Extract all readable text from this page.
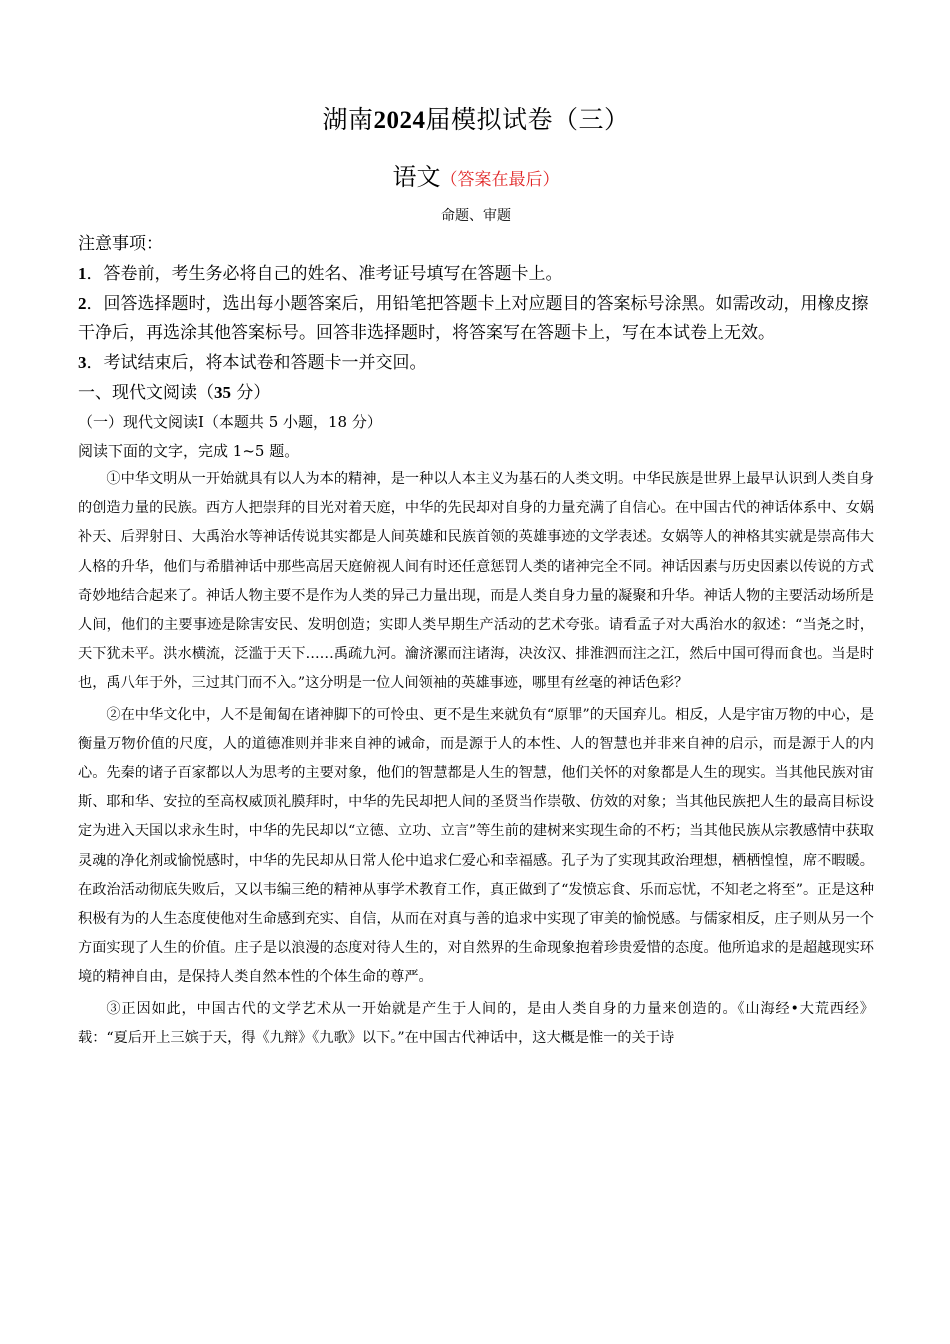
湖南2024届模拟试卷（三）
语文（答案在最后）
命题、审题

注意事项：

1．答卷前，考生务必将自己的姓名、准考证号填写在答题卡上。

2．回答选择题时，选出每小题答案后，用铅笔把答题卡上对应题目的答案标号涂黑。如需改动，用橡皮擦干净后，再选涂其他答案标号。回答非选择题时，将答案写在答题卡上，写在本试卷上无效。

3．考试结束后，将本试卷和答题卡一并交回。

一、现代文阅读（35 分）

（一）现代文阅读Ⅰ（本题共 5 小题，18 分）

阅读下面的文字，完成 1~5 题。

①中华文明从一开始就具有以人为本的精神，是一种以人本主义为基石的人类文明。中华民族是世界上最早认识到人类自身的创造力量的民族。西方人把崇拜的目光对着天庭，中华的先民却对自身的力量充满了自信心。在中国古代的神话体系中、女娲补天、后羿射日、大禹治水等神话传说其实都是人间英雄和民族首领的英雄事迹的文学表述。女娲等人的神格其实就是崇高伟大人格的升华，他们与希腊神话中那些高居天庭俯视人间有时还任意惩罚人类的诸神完全不同。神话因素与历史因素以传说的方式奇妙地结合起来了。神话人物主要不是作为人类的异己力量出现，而是人类自身力量的凝聚和升华。神话人物的主要活动场所是人间，他们的主要事迹是除害安民、发明创造；实即人类早期生产活动的艺术夸张。请看孟子对大禹治水的叙述：“当尧之时，天下犹未平。洪水横流，泛滥于天下……禹疏九河。瀹济漯而注诸海，决汝汉、排淮泗而注之江，然后中国可得而食也。当是时也，禹八年于外，三过其门而不入。”这分明是一位人间领袖的英雄事迹，哪里有丝毫的神话色彩？

②在中华文化中，人不是匍匐在诸神脚下的可怜虫、更不是生来就负有“原罪”的天国弃儿。相反，人是宇宙万物的中心，是衡量万物价值的尺度，人的道德准则并非来自神的诫命，而是源于人的本性、人的智慧也并非来自神的启示，而是源于人的内心。先秦的诸子百家都以人为思考的主要对象，他们的智慧都是人生的智慧，他们关怀的对象都是人生的现实。当其他民族对宙斯、耶和华、安拉的至高权威顶礼膜拜时，中华的先民却把人间的圣贤当作崇敬、仿效的对象；当其他民族把人生的最高目标设定为进入天国以求永生时，中华的先民却以“立德、立功、立言”等生前的建树来实现生命的不朽；当其他民族从宗教感情中获取灵魂的净化剂或愉悦感时，中华的先民却从日常人伦中追求仁爱心和幸福感。孔子为了实现其政治理想，栖栖惶惶，席不暇暖。在政治活动彻底失败后，又以韦编三绝的精神从事学术教育工作，真正做到了“发愤忘食、乐而忘忧，不知老之将至”。正是这种积极有为的人生态度使他对生命感到充实、自信，从而在对真与善的追求中实现了审美的愉悦感。与儒家相反，庄子则从另一个方面实现了人生的价值。庄子是以浪漫的态度对待人生的，对自然界的生命现象抱着珍贵爱惜的态度。他所追求的是超越现实环境的精神自由，是保持人类自然本性的个体生命的尊严。

③正因如此，中国古代的文学艺术从一开始就是产生于人间的，是由人类自身的力量来创造的。《山海经•大荒西经》载：“夏后开上三嫔于天，得《九辩》《九歌》以下。”在中国古代神话中，这大概是惟一的关于诗
